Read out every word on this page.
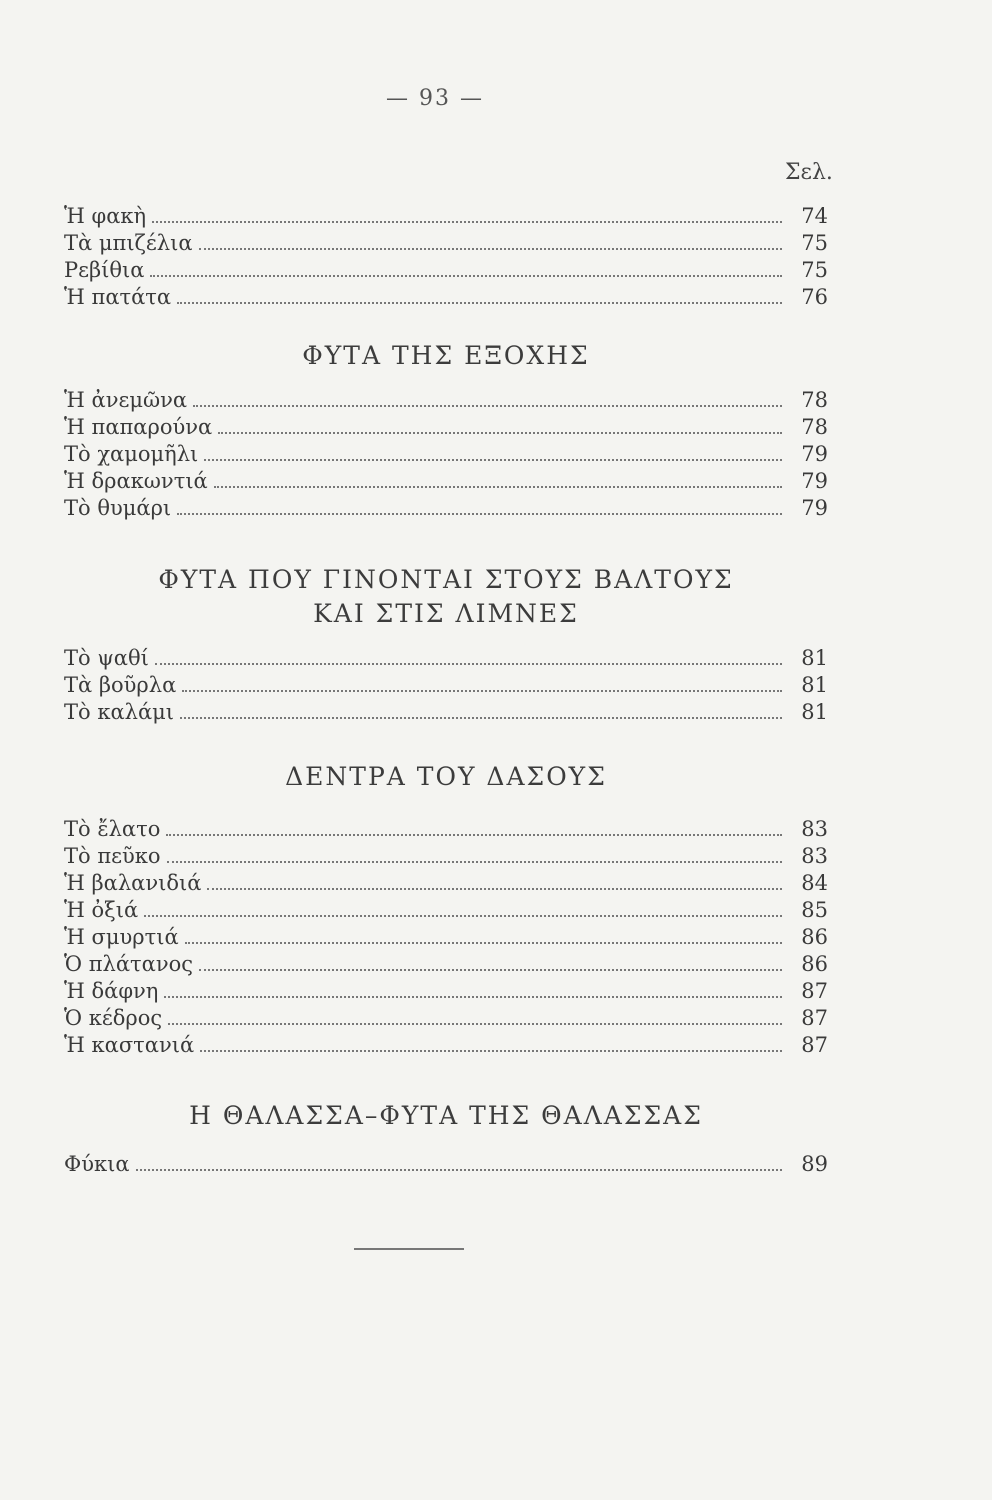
— 93 —
Σελ.
Ἡ φακὴ	74
Τὰ μπιζέλια	75
Ρεβίθια	75
Ἡ πατάτα	76
ΦΥΤΑ ΤΗΣ ΕΞΟΧΗΣ
Ἡ ἀνεμῶνα	78
Ἡ παπαρούνα	78
Τὸ χαμομῆλι	79
Ἡ δρακωντιά	79
Τὸ θυμάρι	79
ΦΥΤΑ ΠΟΥ ΓΙΝΟΝΤΑΙ ΣΤΟΥΣ ΒΑΛΤΟΥΣ
ΚΑΙ ΣΤΙΣ ΛΙΜΝΕΣ
Τὸ ψαθί	81
Τὰ βοῦρλα	81
Τὸ καλάμι	81
ΔΕΝΤΡΑ ΤΟΥ ΔΑΣΟΥΣ
Τὸ ἔλατο	83
Τὸ πεῦκο	83
Ἡ βαλανιδιά	84
Ἡ ὀξιά	85
Ἡ σμυρτιά	86
Ὁ πλάτανος	86
Ἡ δάφνη	87
Ὁ κέδρος	87
Ἡ καστανιά	87
Η ΘΑΛΑΣΣΑ–ΦΥΤΑ ΤΗΣ ΘΑΛΑΣΣΑΣ
Φύκια	89
